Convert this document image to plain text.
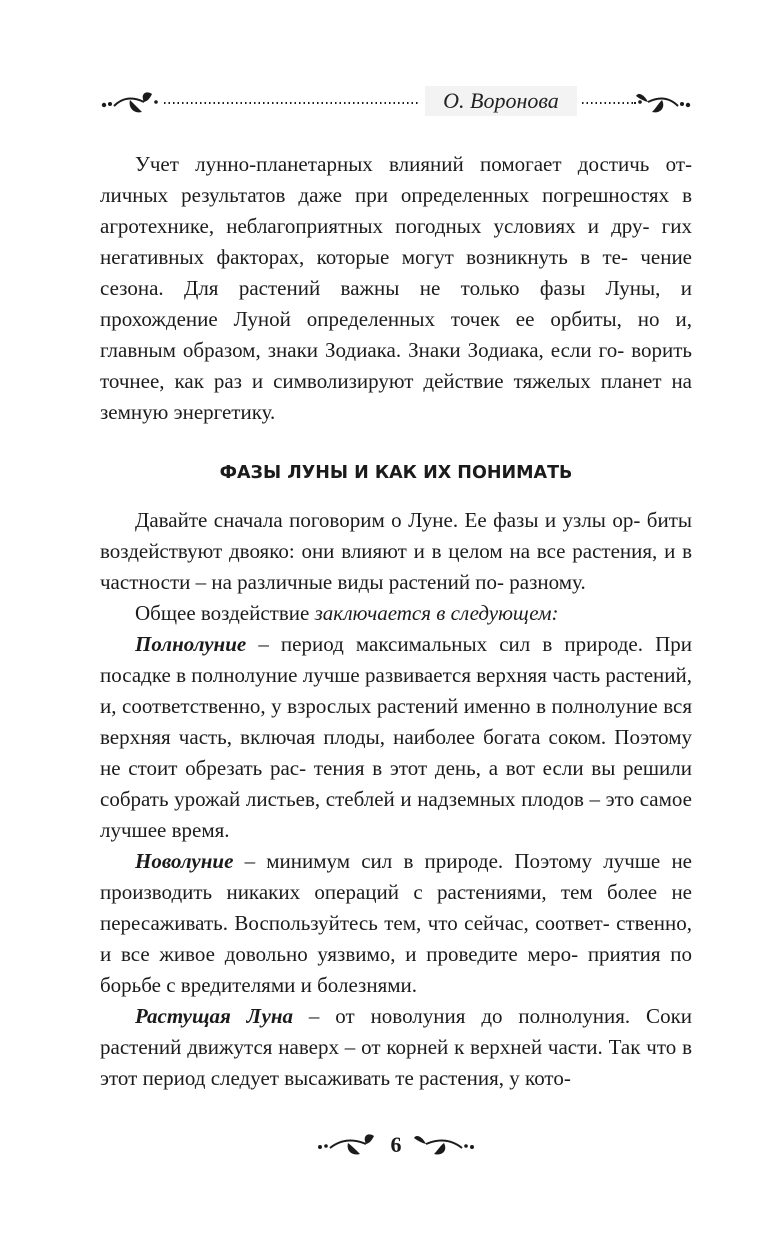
О. Воронова

Учет лунно-планетарных влияний помогает достичь от- личных результатов даже при определенных погрешностях в агротехнике, неблагоприятных погодных условиях и дру- гих негативных факторах, которые могут возникнуть в те- чение сезона. Для растений важны не только фазы Луны, и прохождение Луной определенных точек ее орбиты, но и, главным образом, знаки Зодиака. Знаки Зодиака, если го- ворить точнее, как раз и символизируют действие тяжелых планет на земную энергетику.

ФАЗЫ ЛУНЫ И КАК ИХ ПОНИМАТЬ

Давайте сначала поговорим о Луне. Ее фазы и узлы ор- биты воздействуют двояко: они влияют и в целом на все растения, и в частности – на различные виды растений по- разному.

Общее воздействие заключается в следующем:

Полнолуние – период максимальных сил в природе. При посадке в полнолуние лучше развивается верхняя часть растений, и, соответственно, у взрослых растений именно в полнолуние вся верхняя часть, включая плоды, наиболее богата соком. Поэтому не стоит обрезать рас- тения в этот день, а вот если вы решили собрать урожай листьев, стеблей и надземных плодов – это самое лучшее время.

Новолуние – минимум сил в природе. Поэтому лучше не производить никаких операций с растениями, тем более не пересаживать. Воспользуйтесь тем, что сейчас, соответ- ственно, и все живое довольно уязвимо, и проведите меро- приятия по борьбе с вредителями и болезнями.

Растущая Луна – от новолуния до полнолуния. Соки растений движутся наверх – от корней к верхней части. Так что в этот период следует высаживать те растения, у кото-

6
